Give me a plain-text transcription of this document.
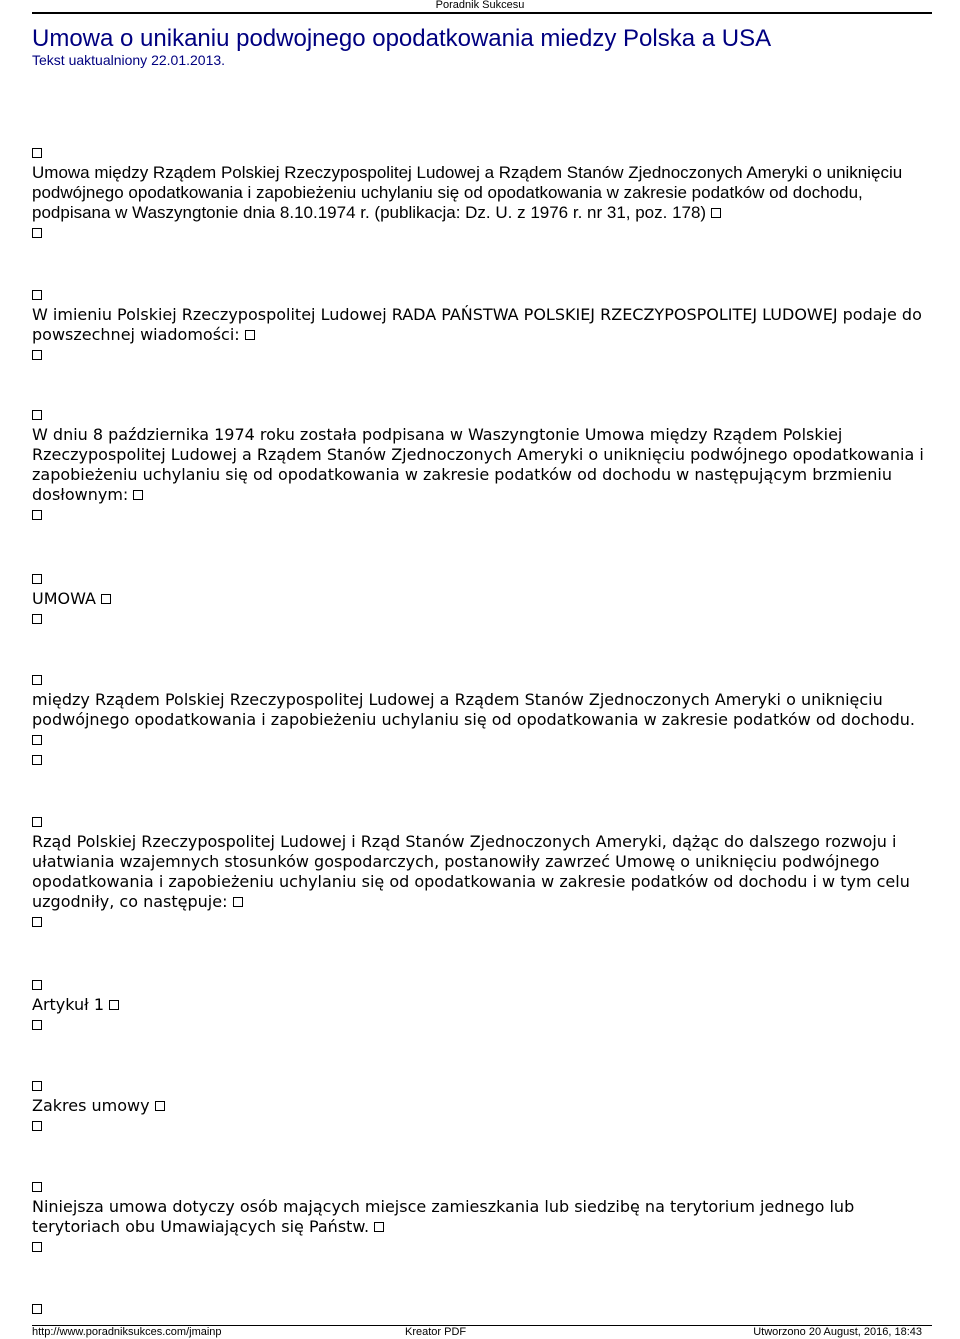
Poradnik Sukcesu
Umowa o unikaniu podwojnego opodatkowania miedzy Polska a USA
Tekst uaktualniony 22.01.2013.
Umowa między Rządem Polskiej Rzeczypospolitej Ludowej a Rządem Stanów Zjednoczonych Ameryki o uniknięciu podwójnego opodatkowania i zapobieżeniu uchylaniu się od opodatkowania w zakresie podatków od dochodu, podpisana w Waszyngtonie dnia 8.10.1974 r. (publikacja: Dz. U. z 1976 r. nr 31, poz. 178)
W imieniu Polskiej Rzeczypospolitej Ludowej RADA PAŃSTWA POLSKIEJ RZECZYPOSPOLITEJ LUDOWEJ podaje do powszechnej wiadomości:
W dniu 8 października 1974 roku została podpisana w Waszyngtonie Umowa między Rządem Polskiej Rzeczypospolitej Ludowej a Rządem Stanów Zjednoczonych Ameryki o uniknięciu podwójnego opodatkowania i zapobieżeniu uchylaniu się od opodatkowania w zakresie podatków od dochodu w następującym brzmieniu dosłownym:
UMOWA
między Rządem Polskiej Rzeczypospolitej Ludowej a Rządem Stanów Zjednoczonych Ameryki o uniknięciu podwójnego opodatkowania i zapobieżeniu uchylaniu się od opodatkowania w zakresie podatków od dochodu.
Rząd Polskiej Rzeczypospolitej Ludowej i Rząd Stanów Zjednoczonych Ameryki, dążąc do dalszego rozwoju i ułatwiania wzajemnych stosunków gospodarczych, postanowiły zawrzeć Umowę o uniknięciu podwójnego opodatkowania i zapobieżeniu uchylaniu się od opodatkowania w zakresie podatków od dochodu i w tym celu uzgodniły, co następuje:
Artykuł 1
Zakres umowy
Niniejsza umowa dotyczy osób mających miejsce zamieszkania lub siedzibę na terytorium jednego lub terytoriach obu Umawiających się Państw.
http://www.poradniksukces.com/jmainp	Kreator PDF	Utworzono 20 August, 2016, 18:43
